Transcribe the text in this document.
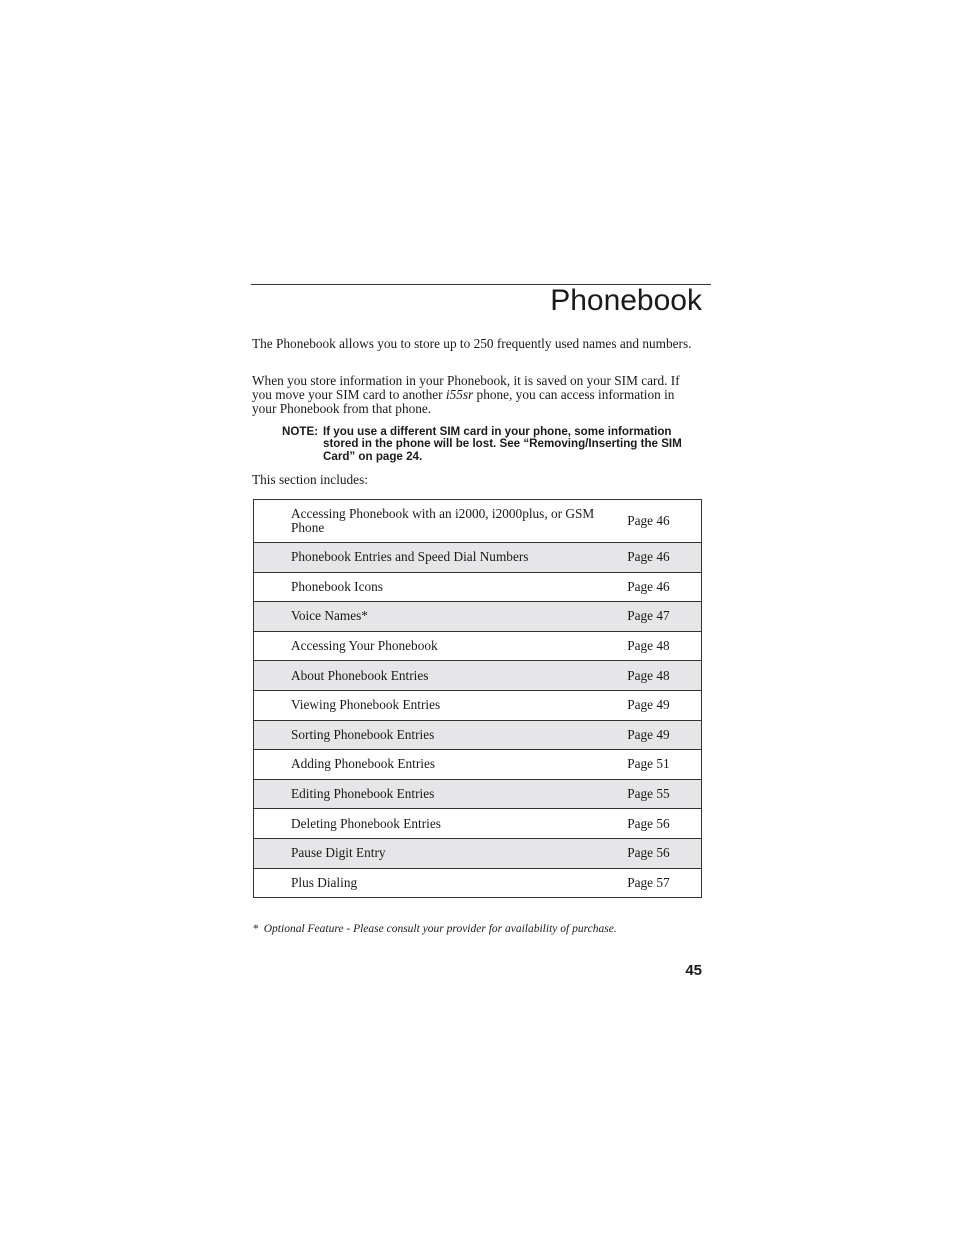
Phonebook
The Phonebook allows you to store up to 250 frequently used names and numbers.
When you store information in your Phonebook, it is saved on your SIM card. If you move your SIM card to another i55sr phone, you can access information in your Phonebook from that phone.
NOTE: If you use a different SIM card in your phone, some information stored in the phone will be lost. See “Removing/Inserting the SIM Card” on page 24.
This section includes:
Accessing Phonebook with an i2000, i2000plus, or GSM Phone	Page 46
Phonebook Entries and Speed Dial Numbers	Page 46
Phonebook Icons	Page 46
Voice Names*	Page 47
Accessing Your Phonebook	Page 48
About Phonebook Entries	Page 48
Viewing Phonebook Entries	Page 49
Sorting Phonebook Entries	Page 49
Adding Phonebook Entries	Page 51
Editing Phonebook Entries	Page 55
Deleting Phonebook Entries	Page 56
Pause Digit Entry	Page 56
Plus Dialing	Page 57
* Optional Feature - Please consult your provider for availability of purchase.
45
